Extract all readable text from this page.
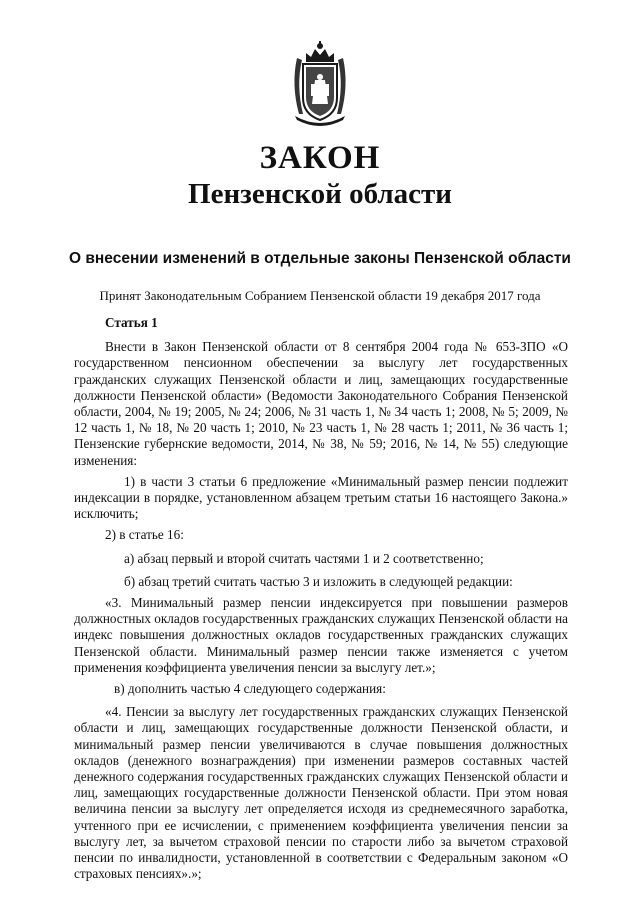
ЗАКОН
Пензенской области
О внесении изменений в отдельные законы Пензенской области
Принят Законодательным Собранием Пензенской области 19 декабря 2017 года

Статья 1

Внести в Закон Пензенской области от 8 сентября 2004 года № 653-ЗПО «О государственном пенсионном обеспечении за выслугу лет государственных гражданских служащих Пензенской области и лиц, замещающих государственные должности Пензенской области» (Ведомости Законодательного Собрания Пензенской области, 2004, № 19; 2005, № 24; 2006, № 31 часть 1, № 34 часть 1; 2008, № 5; 2009, № 12 часть 1, № 18, № 20 часть 1; 2010, № 23 часть 1, № 28 часть 1; 2011, № 36 часть 1; Пензенские губернские ведомости, 2014, № 38, № 59; 2016, № 14, № 55) следующие изменения:

1) в части 3 статьи 6 предложение «Минимальный размер пенсии подлежит индексации в порядке, установленном абзацем третьим статьи 16 настоящего Закона.» исключить;

2) в статье 16:

а) абзац первый и второй считать частями 1 и 2 соответственно;

б) абзац третий считать частью 3 и изложить в следующей редакции:

«3. Минимальный размер пенсии индексируется при повышении размеров должностных окладов государственных гражданских служащих Пензенской области на индекс повышения должностных окладов государственных гражданских служащих Пензенской области. Минимальный размер пенсии также изменяется с учетом применения коэффициента увеличения пенсии за выслугу лет.»;

в) дополнить частью 4 следующего содержания:

«4. Пенсии за выслугу лет государственных гражданских служащих Пензенской области и лиц, замещающих государственные должности Пензенской области, и минимальный размер пенсии увеличиваются в случае повышения должностных окладов (денежного вознаграждения) при изменении размеров составных частей денежного содержания государственных гражданских служащих Пензенской области и лиц, замещающих государственные должности Пензенской области. При этом новая величина пенсии за выслугу лет определяется исходя из среднемесячного заработка, учтенного при ее исчислении, с применением коэффициента увеличения пенсии за выслугу лет, за вычетом страховой пенсии по старости либо за вычетом страховой пенсии по инвалидности, установленной в соответствии с Федеральным законом «О страховых пенсиях».»;
